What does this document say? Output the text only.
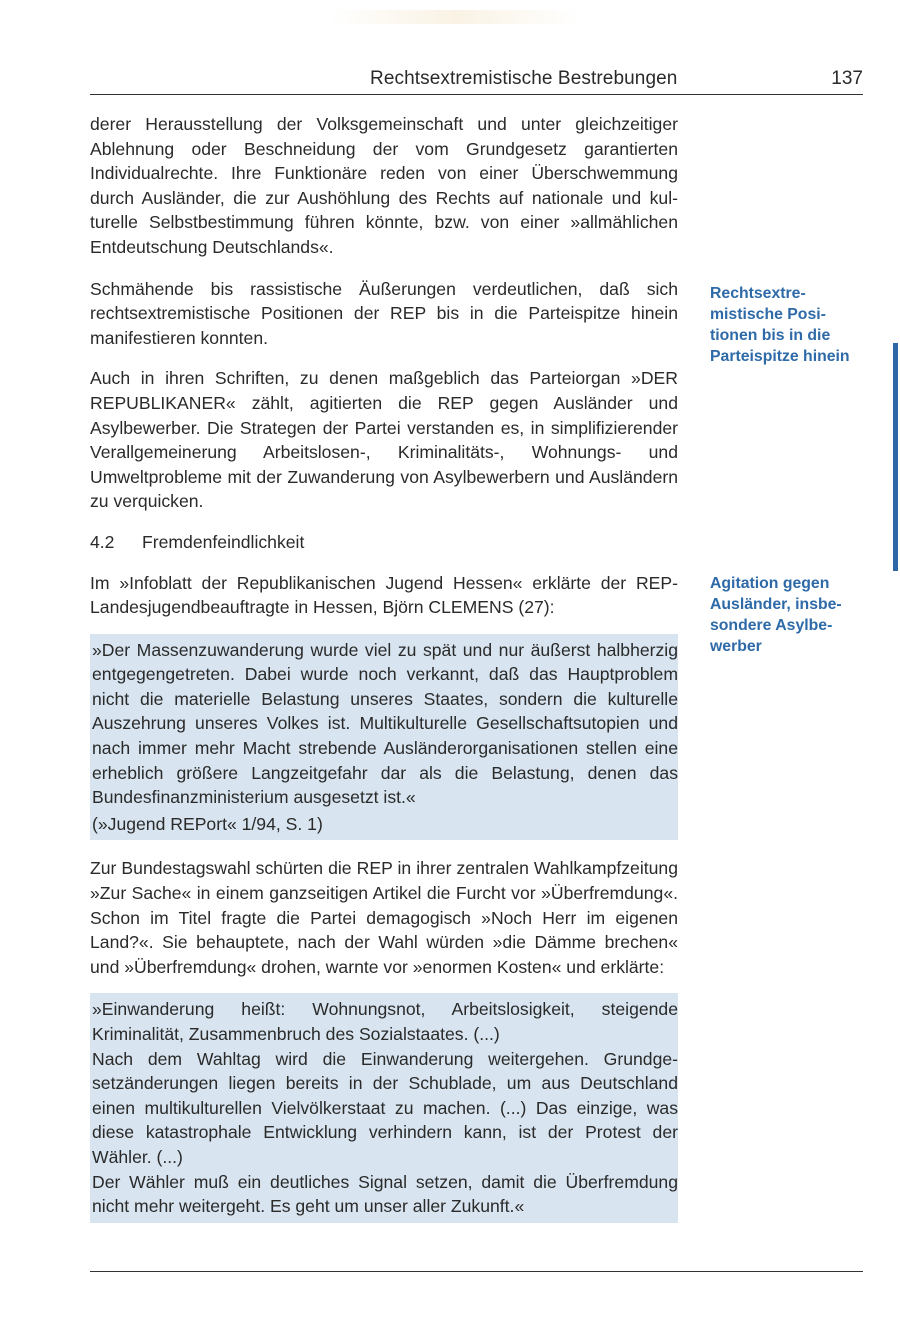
Rechtsextremistische Bestrebungen	137

derer Herausstellung der Volksgemeinschaft und unter gleichzeitiger Ablehnung oder Beschneidung der vom Grundgesetz garantierten Individualrechte. Ihre Funktionäre reden von einer Überschwemmung durch Ausländer, die zur Aushöhlung des Rechts auf nationale und kulturelle Selbstbestimmung führen könnte, bzw. von einer »allmählichen Entdeutschung Deutschlands«.

Schmähende bis rassistische Äußerungen verdeutlichen, daß sich rechtsextremistische Positionen der REP bis in die Parteispitze hinein manifestieren konnten.

Auch in ihren Schriften, zu denen maßgeblich das Parteiorgan »DER REPUBLIKANER« zählt, agitierten die REP gegen Ausländer und Asylbewerber. Die Strategen der Partei verstanden es, in simplifizierender Verallgemeinerung Arbeitslosen-, Kriminalitäts-, Wohnungs- und Umweltprobleme mit der Zuwanderung von Asylbewerbern und Ausländern zu verquicken.

4.2 Fremdenfeindlichkeit

Im »Infoblatt der Republikanischen Jugend Hessen« erklärte der REP-Landesjugendbeauftragte in Hessen, Björn CLEMENS (27):

»Der Massenzuwanderung wurde viel zu spät und nur äußerst halbherzig entgegengetreten. Dabei wurde noch verkannt, daß das Hauptproblem nicht die materielle Belastung unseres Staates, sondern die kulturelle Auszehrung unseres Volkes ist. Multikulturelle Gesellschaftsutopien und nach immer mehr Macht strebende Ausländerorganisationen stellen eine erheblich größere Langzeitgefahr dar als die Belastung, denen das Bundesfinanzministerium ausgesetzt ist.«

(»Jugend REPort« 1/94, S. 1)

Zur Bundestagswahl schürten die REP in ihrer zentralen Wahlkampfzeitung »Zur Sache« in einem ganzseitigen Artikel die Furcht vor »Überfremdung«. Schon im Titel fragte die Partei demagogisch »Noch Herr im eigenen Land?«. Sie behauptete, nach der Wahl würden »die Dämme brechen« und »Überfremdung« drohen, warnte vor »enormen Kosten« und erklärte:

»Einwanderung heißt: Wohnungsnot, Arbeitslosigkeit, steigende Kriminalität, Zusammenbruch des Sozialstaates. (...)

Nach dem Wahltag wird die Einwanderung weitergehen. Grundgesetzänderungen liegen bereits in der Schublade, um aus Deutschland einen multikulturellen Vielvölkerstaat zu machen. (...) Das einzige, was diese katastrophale Entwicklung verhindern kann, ist der Protest der Wähler. (...)

Der Wähler muß ein deutliches Signal setzen, damit die Überfremdung nicht mehr weitergeht. Es geht um unser aller Zukunft.«

Rechtsextremistische Positionen bis in die Parteispitze hinein
Agitation gegen Ausländer, insbesondere Asylbewerber
